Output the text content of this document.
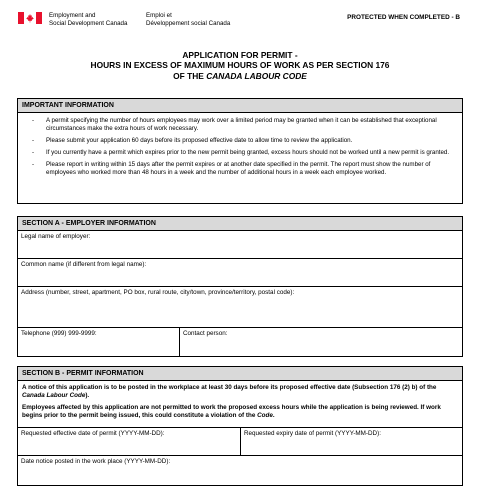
Employment and
Social Development Canada
Emploi et
Développement social Canada
PROTECTED WHEN COMPLETED - B
APPLICATION FOR PERMIT -
HOURS IN EXCESS OF MAXIMUM HOURS OF WORK AS PER SECTION 176
OF THE CANADA LABOUR CODE
IMPORTANT INFORMATION
- A permit specifying the number of hours employees may work over a limited period may be granted when it can be established that exceptional circumstances make the extra hours of work necessary.
- Please submit your application 60 days before its proposed effective date to allow time to review the application.
- If you currently have a permit which expires prior to the new permit being granted, excess hours should not be worked until a new permit is granted.
- Please report in writing within 15 days after the permit expires or at another date specified in the permit. The report must show the number of employees who worked more than 48 hours in a week and the number of additional hours in a week each employee worked.
SECTION A - EMPLOYER INFORMATION
Legal name of employer:
Common name (if different from legal name):
Address (number, street, apartment, PO box, rural route, city/town, province/territory, postal code):
Telephone (999) 999-9999:	Contact person:
SECTION B - PERMIT INFORMATION

A notice of this application is to be posted in the workplace at least 30 days before its proposed effective date (Subsection 176 (2) b) of the Canada Labour Code).

Employees affected by this application are not permitted to work the proposed excess hours while the application is being reviewed. If work begins prior to the permit being issued, this could constitute a violation of the Code.

Requested effective date of permit (YYYY-MM-DD):	Requested expiry date of permit (YYYY-MM-DD):
Date notice posted in the work place (YYYY-MM-DD):
